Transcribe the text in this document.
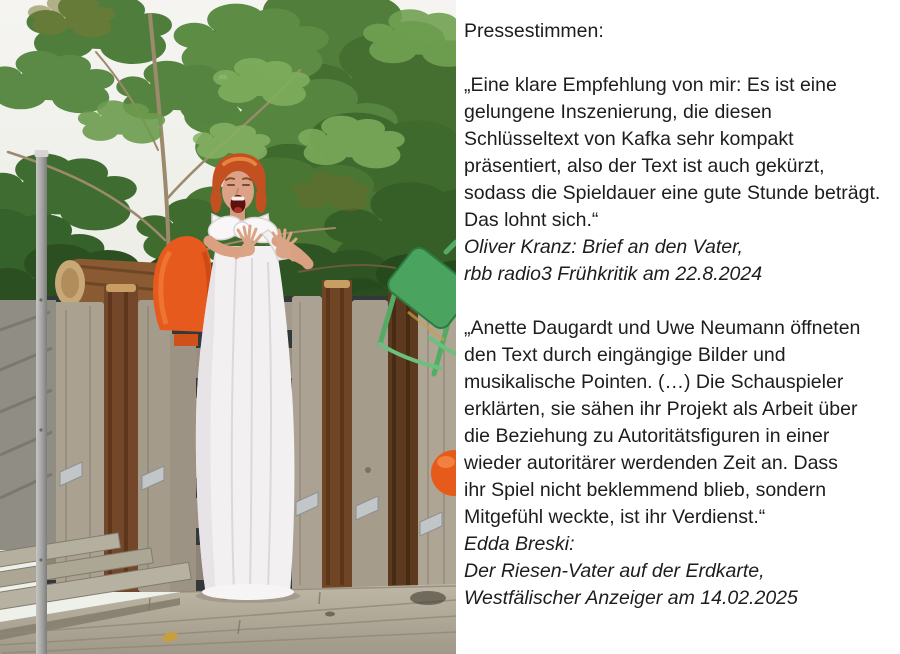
Pressestimmen:
„Eine klare Empfehlung von mir: Es ist eine
gelungene Inszenierung, die diesen
Schlüsseltext von Kafka sehr kompakt
präsentiert, also der Text ist auch gekürzt,
sodass die Spieldauer eine gute Stunde beträgt.
Das lohnt sich.“
Oliver Kranz: Brief an den Vater,
rbb radio3 Frühkritik am 22.8.2024
„Anette Daugardt und Uwe Neumann öffneten
den Text durch eingängige Bilder und
musikalische Pointen. (…) Die Schauspieler
erklärten, sie sähen ihr Projekt als Arbeit über
die Beziehung zu Autoritätsfiguren in einer
wieder autoritärer werdenden Zeit an. Dass
ihr Spiel nicht beklemmend blieb, sondern
Mitgefühl weckte, ist ihr Verdienst.“
Edda Breski:
Der Riesen-Vater auf der Erdkarte,
Westfälischer Anzeiger am 14.02.2025
